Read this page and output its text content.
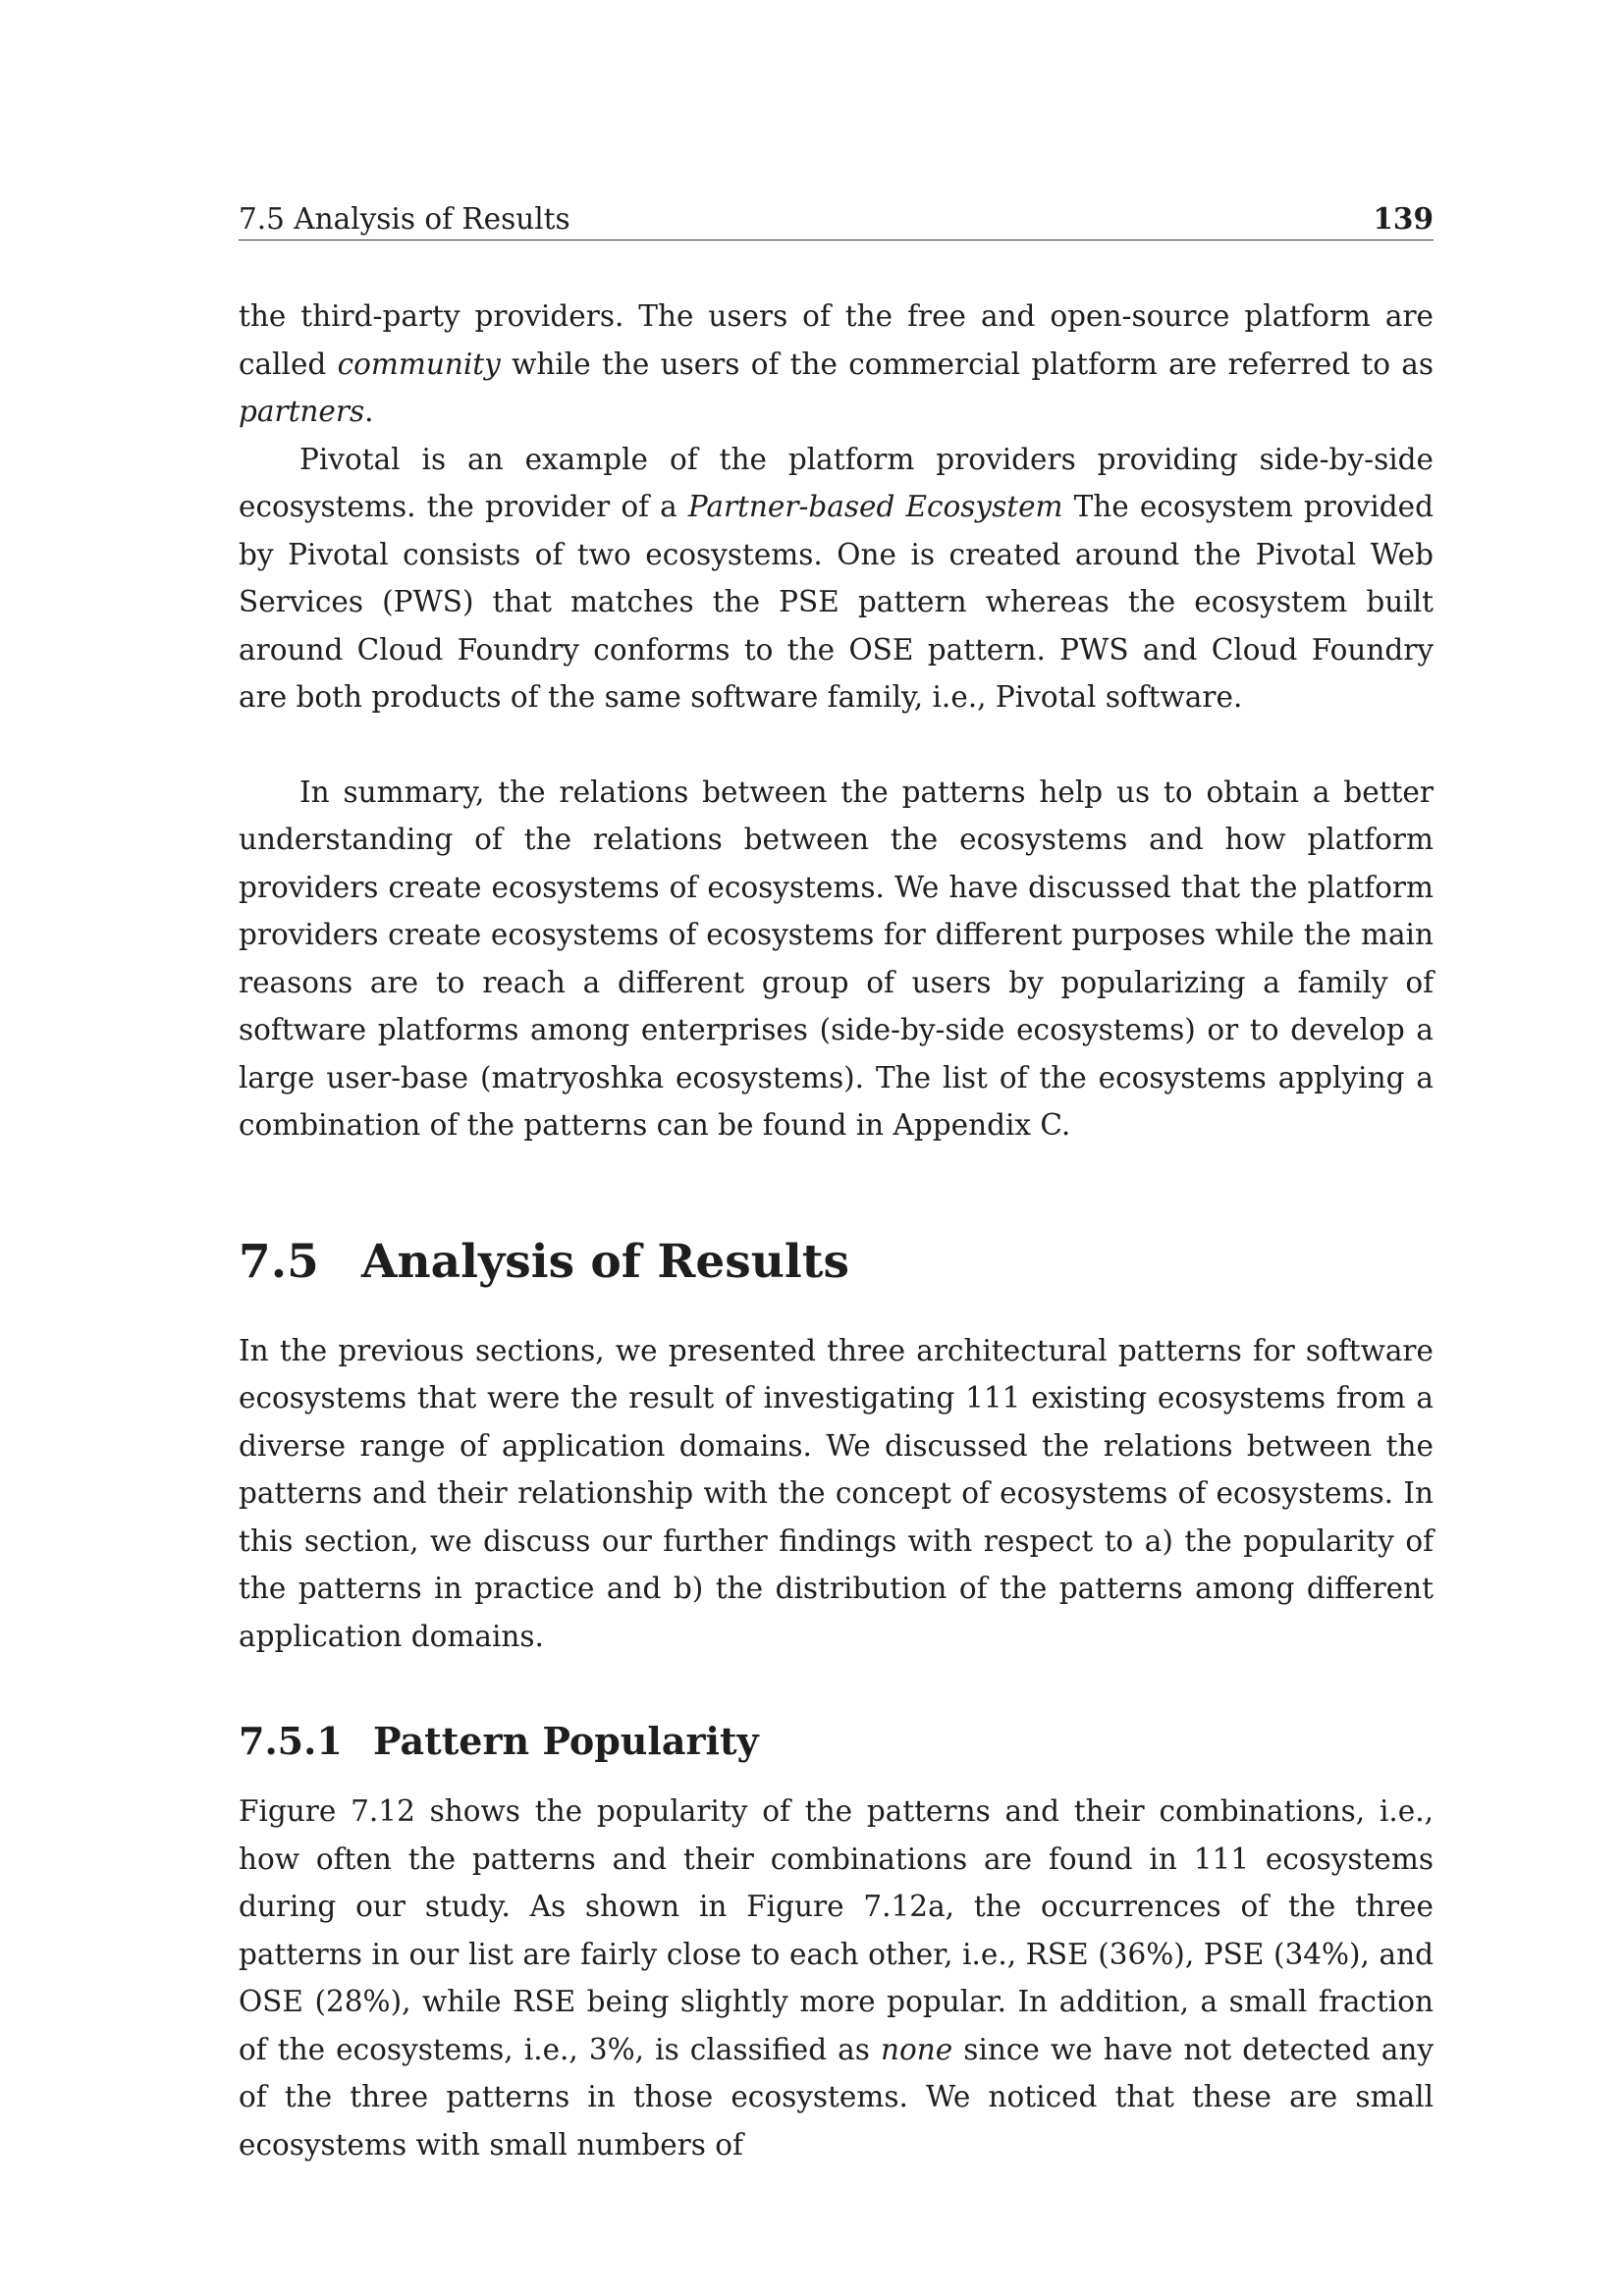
7.5 Analysis of Results	139

the third-party providers. The users of the free and open-source platform are called community while the users of the commercial platform are referred to as partners.

Pivotal is an example of the platform providers providing side-by-side ecosystems. the provider of a Partner-based Ecosystem The ecosystem provided by Pivotal consists of two ecosystems. One is created around the Pivotal Web Services (PWS) that matches the PSE pattern whereas the ecosystem built around Cloud Foundry conforms to the OSE pattern. PWS and Cloud Foundry are both products of the same software family, i.e., Pivotal software.

In summary, the relations between the patterns help us to obtain a better understanding of the relations between the ecosystems and how platform providers create ecosystems of ecosystems. We have discussed that the platform providers create ecosystems of ecosystems for different purposes while the main reasons are to reach a different group of users by popularizing a family of software platforms among enterprises (side-by-side ecosystems) or to develop a large user-base (matryoshka ecosystems). The list of the ecosystems applying a combination of the patterns can be found in Appendix C.

7.5 Analysis of Results

In the previous sections, we presented three architectural patterns for software ecosystems that were the result of investigating 111 existing ecosystems from a diverse range of application domains. We discussed the relations between the patterns and their relationship with the concept of ecosystems of ecosystems. In this section, we discuss our further findings with respect to a) the popularity of the patterns in practice and b) the distribution of the patterns among different application domains.

7.5.1 Pattern Popularity

Figure 7.12 shows the popularity of the patterns and their combinations, i.e., how often the patterns and their combinations are found in 111 ecosystems during our study. As shown in Figure 7.12a, the occurrences of the three patterns in our list are fairly close to each other, i.e., RSE (36%), PSE (34%), and OSE (28%), while RSE being slightly more popular. In addition, a small fraction of the ecosystems, i.e., 3%, is classified as none since we have not detected any of the three patterns in those ecosystems. We noticed that these are small ecosystems with small numbers of
